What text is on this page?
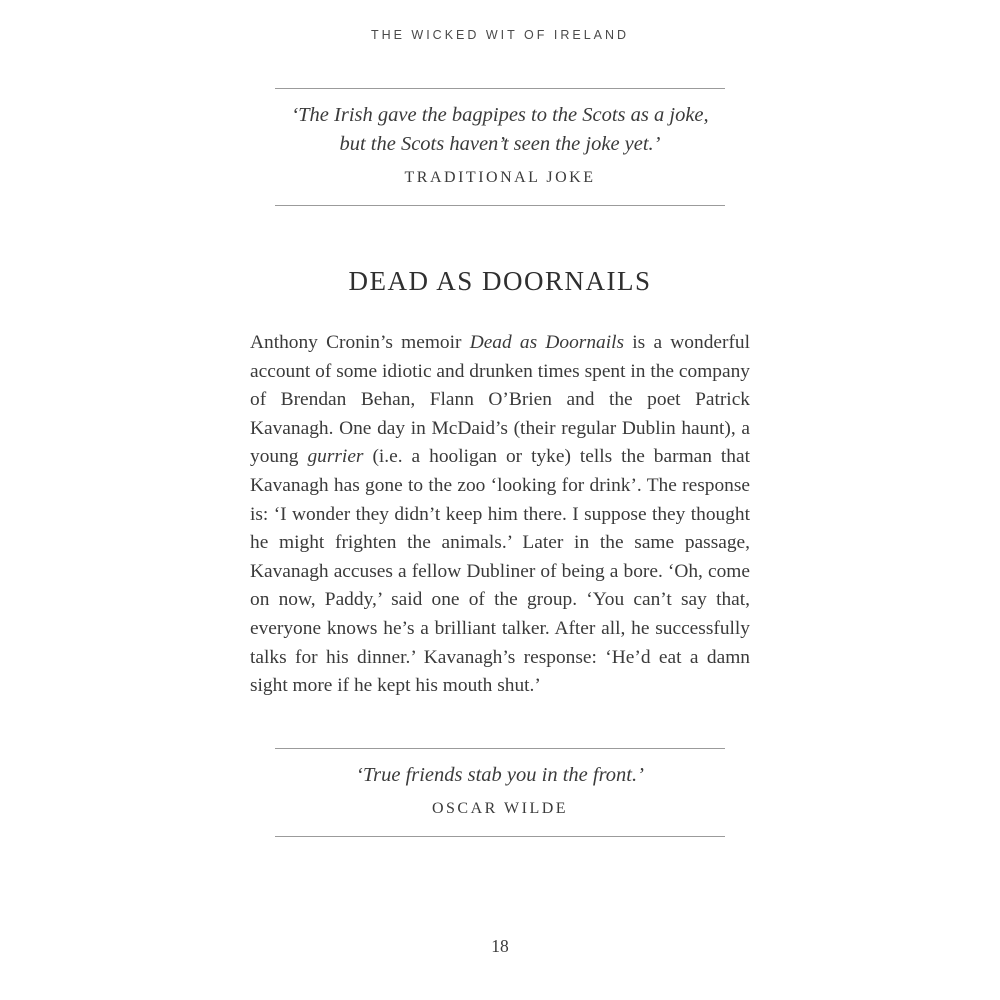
THE WICKED WIT OF IRELAND
‘The Irish gave the bagpipes to the Scots as a joke,
but the Scots haven’t seen the joke yet.’
TRADITIONAL JOKE
DEAD AS DOORNAILS

Anthony Cronin’s memoir Dead as Doornails is a wonderful account of some idiotic and drunken times spent in the company of Brendan Behan, Flann O’Brien and the poet Patrick Kavanagh. One day in McDaid’s (their regular Dublin haunt), a young gurrier (i.e. a hooligan or tyke) tells the barman that Kavanagh has gone to the zoo ‘looking for drink’. The response is: ‘I wonder they didn’t keep him there. I suppose they thought he might frighten the animals.’ Later in the same passage, Kavanagh accuses a fellow Dubliner of being a bore. ‘Oh, come on now, Paddy,’ said one of the group. ‘You can’t say that, everyone knows he’s a brilliant talker. After all, he successfully talks for his dinner.’ Kavanagh’s response: ‘He’d eat a damn sight more if he kept his mouth shut.’

‘True friends stab you in the front.’
OSCAR WILDE
18
